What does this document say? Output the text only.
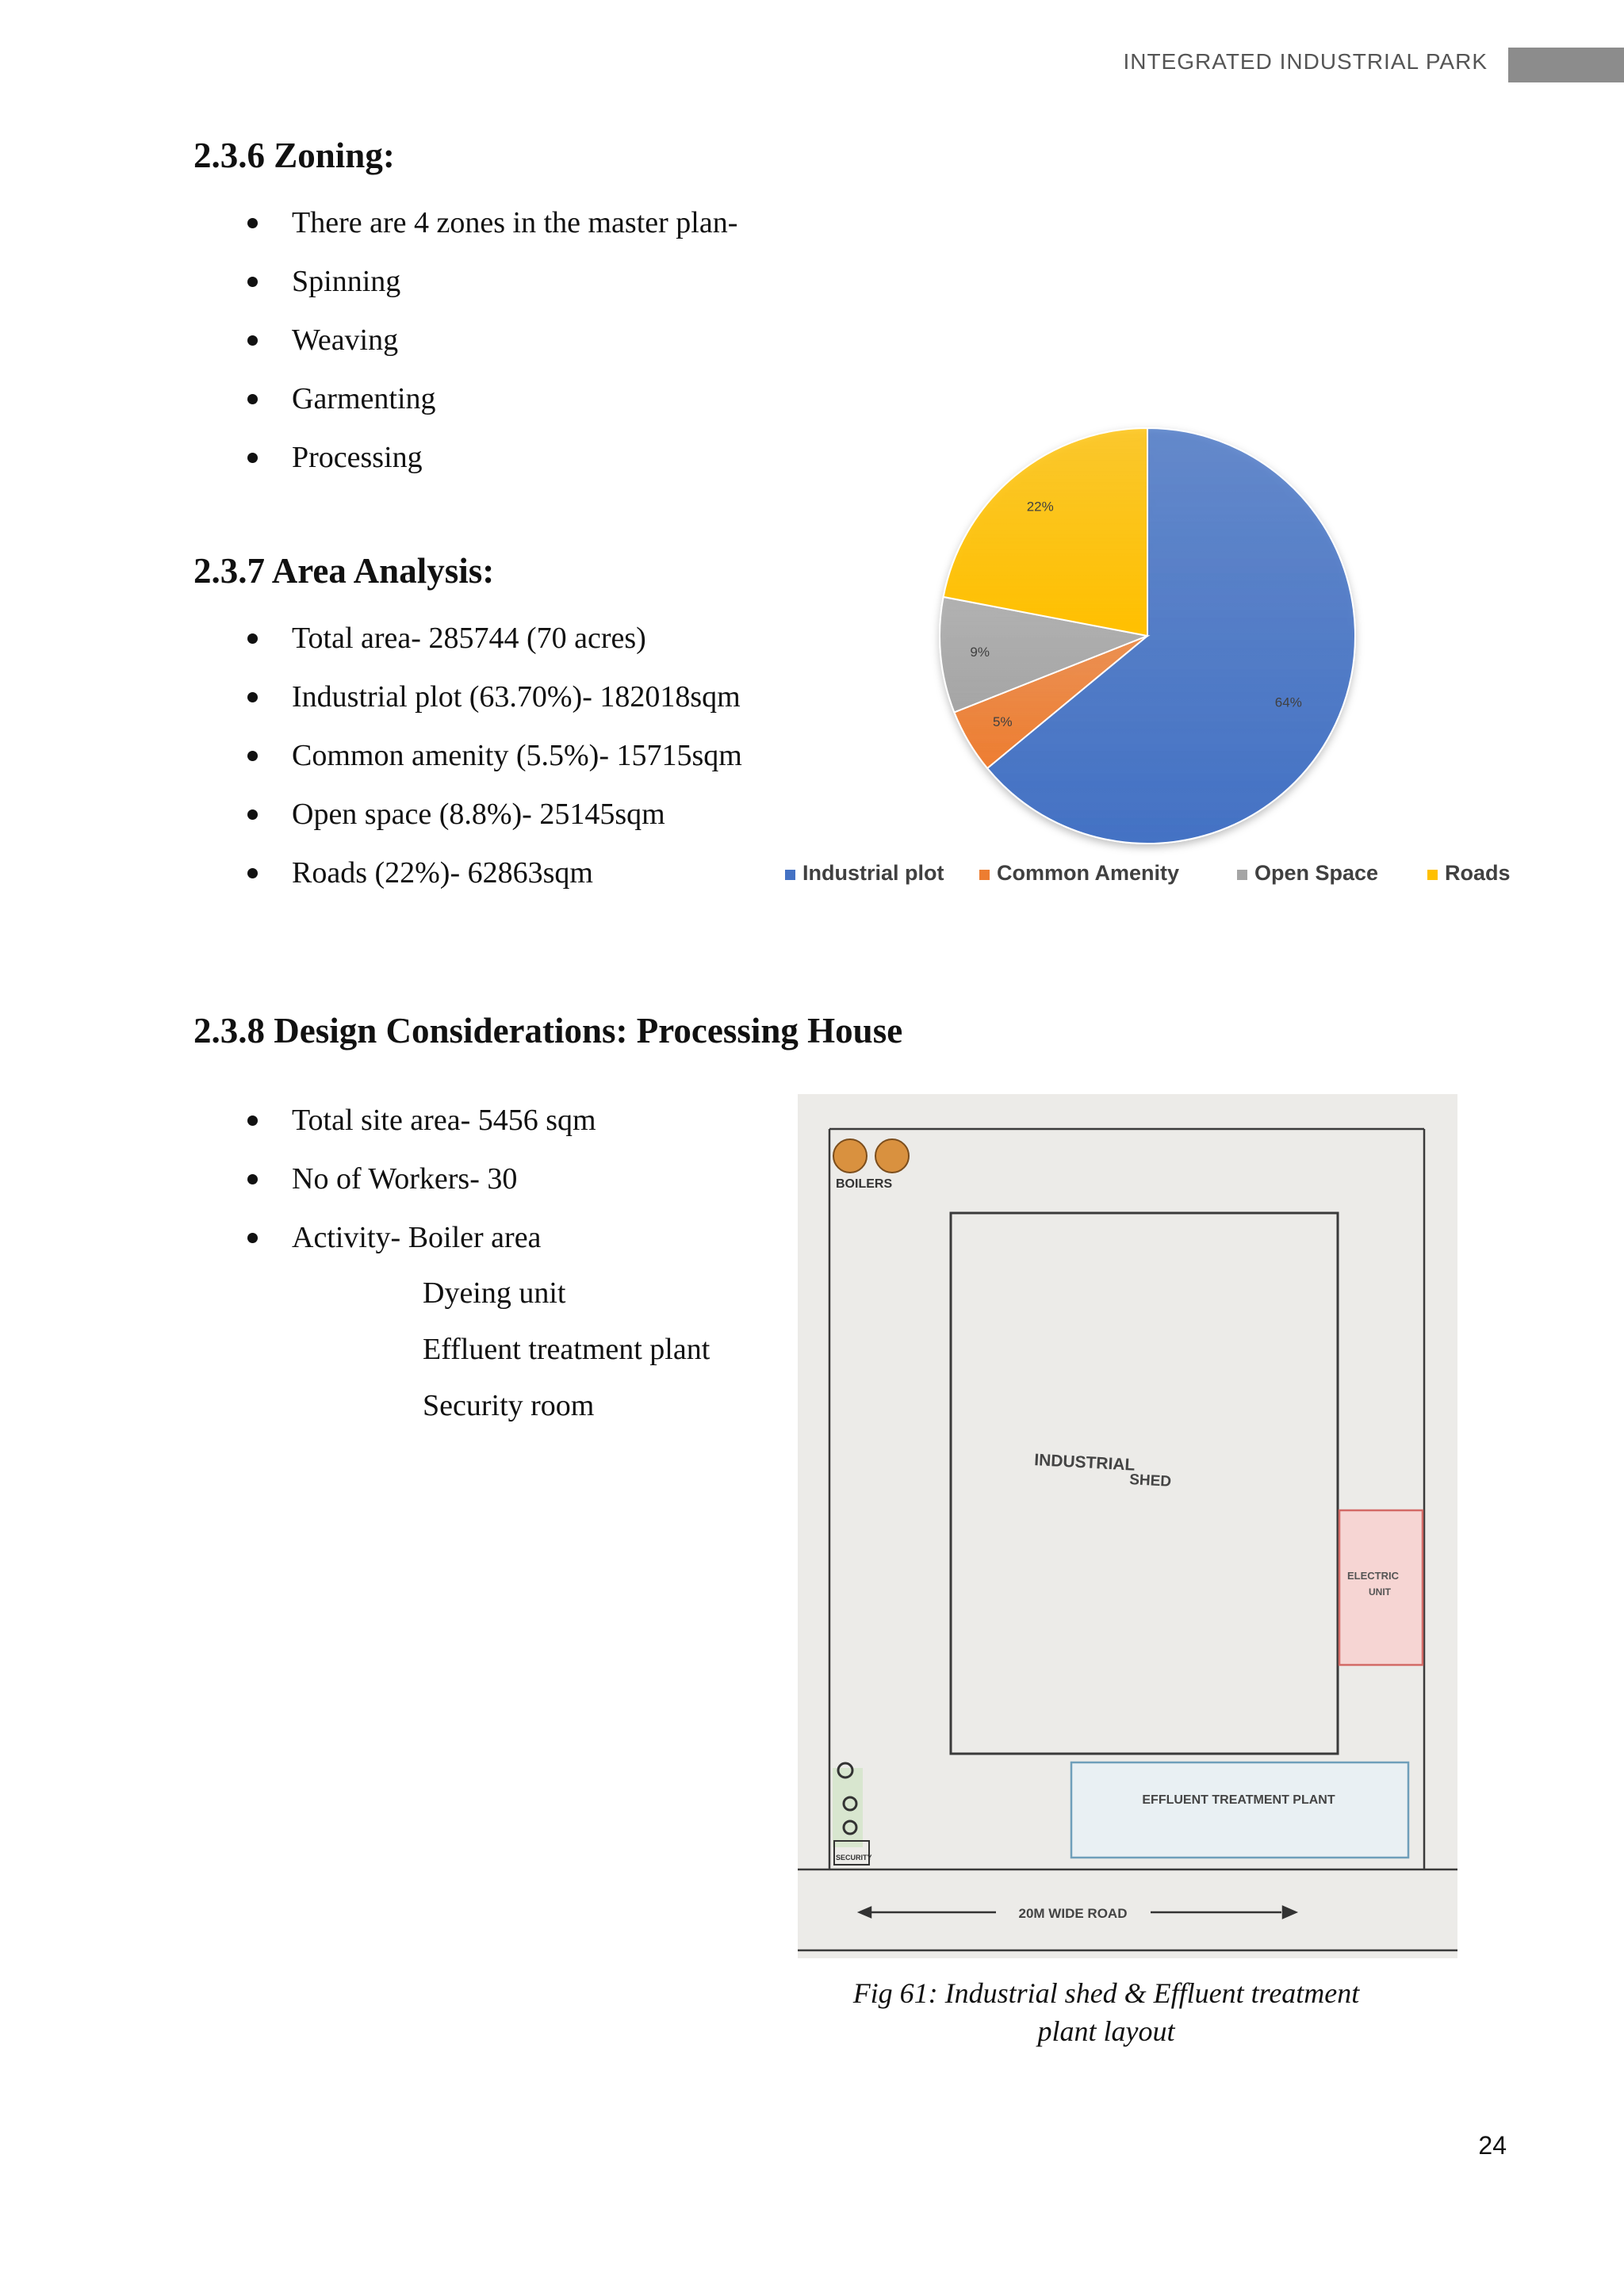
INTEGRATED INDUSTRIAL PARK
2.3.6 Zoning:
There are 4 zones in the master plan-
Spinning
Weaving
Garmenting
Processing
2.3.7 Area Analysis:
Total area- 285744 (70 acres)
Industrial plot (63.70%)- 182018sqm
Common amenity (5.5%)- 15715sqm
Open space (8.8%)- 25145sqm
Roads (22%)- 62863sqm
64%
5%
9%
22%
Industrial plot Common Amenity	Open Space	Roads
2.3.8 Design Considerations: Processing House
Total site area- 5456 sqm
No of Workers- 30
Activity- Boiler area
Dyeing unit
Effluent treatment plant
Security room
BOILERS
INDUSTRIAL
SHED
ELECTRIC
UNIT
EFFLUENT TREATMENT PLANT
SECURITY
20M WIDE ROAD
Fig 61: Industrial shed & Effluent treatment
plant layout
24
